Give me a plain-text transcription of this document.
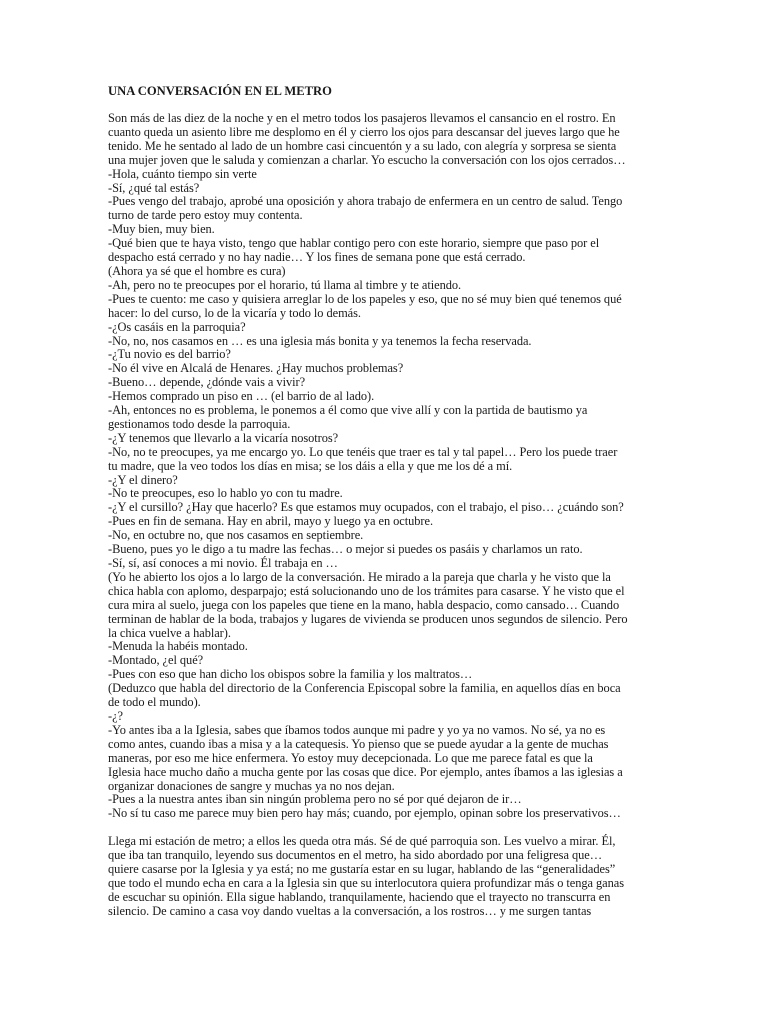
UNA CONVERSACIÓN EN EL METRO
Son más de las diez de la noche y en el metro todos los pasajeros llevamos el cansancio en el rostro. En
cuanto queda un asiento libre me desplomo en él y cierro los ojos para descansar del jueves largo que he
tenido. Me he sentado al lado de un hombre casi cincuentón y a su lado, con alegría y sorpresa se sienta
una mujer joven que le saluda y comienzan a charlar. Yo escucho la conversación con los ojos cerrados…
-Hola, cuánto tiempo sin verte
-Sí, ¿qué tal estás?
-Pues vengo del trabajo, aprobé una oposición y ahora trabajo de enfermera en un centro de salud. Tengo
turno de tarde pero estoy muy contenta.
-Muy bien, muy bien.
-Qué bien que te haya visto, tengo que hablar contigo pero con este horario, siempre que paso por el
despacho está cerrado y no hay nadie… Y los fines de semana pone que está cerrado.
(Ahora ya sé que el hombre es cura)
-Ah, pero no te preocupes por el horario, tú llama al timbre y te atiendo.
-Pues te cuento: me caso y quisiera arreglar lo de los papeles y eso, que no sé muy bien qué tenemos qué
hacer: lo del curso, lo de la vicaría y todo lo demás.
-¿Os casáis en la parroquia?
-No, no, nos casamos en … es una iglesia más bonita y ya tenemos la fecha reservada.
-¿Tu novio es del barrio?
-No él vive en Alcalá de Henares. ¿Hay muchos problemas?
-Bueno… depende, ¿dónde vais a vivir?
-Hemos comprado un piso en … (el barrio de al lado).
-Ah, entonces no es problema, le ponemos a él como que vive allí y con la partida de bautismo ya
gestionamos todo desde la parroquia.
-¿Y tenemos que llevarlo a la vicaría nosotros?
-No, no te preocupes, ya me encargo yo. Lo que tenéis que traer es tal y tal papel… Pero los puede traer
tu madre, que la veo todos los días en misa; se los dáis a ella y que me los dé a mí.
-¿Y el dinero?
-No te preocupes, eso lo hablo yo con tu madre.
-¿Y el cursillo? ¿Hay que hacerlo? Es que estamos muy ocupados, con el trabajo, el piso… ¿cuándo son?
-Pues en fin de semana. Hay en abril, mayo y luego ya en octubre.
-No, en octubre no, que nos casamos en septiembre.
-Bueno, pues yo le digo a tu madre las fechas… o mejor si puedes os pasáis y charlamos un rato.
-Sí, sí, así conoces a mi novio. Él trabaja en …
(Yo he abierto los ojos a lo largo de la conversación. He mirado a la pareja que charla y he visto que la
chica habla con aplomo, desparpajo; está solucionando uno de los trámites para casarse. Y he visto que el
cura mira al suelo, juega con los papeles que tiene en la mano, habla despacio, como cansado… Cuando
terminan de hablar de la boda, trabajos y lugares de vivienda se producen unos segundos de silencio. Pero
la chica vuelve a hablar).
-Menuda la habéis montado.
-Montado, ¿el qué?
-Pues con eso que han dicho los obispos sobre la familia y los maltratos…
(Deduzco que habla del directorio de la Conferencia Episcopal sobre la familia, en aquellos días en boca
de todo el mundo).
-¿?
-Yo antes iba a la Iglesia, sabes que íbamos todos aunque mi padre y yo ya no vamos. No sé, ya no es
como antes, cuando ibas a misa y a la catequesis. Yo pienso que se puede ayudar a la gente de muchas
maneras, por eso me hice enfermera. Yo estoy muy decepcionada. Lo que me parece fatal es que la
Iglesia hace mucho daño a mucha gente por las cosas que dice. Por ejemplo, antes íbamos a las iglesias a
organizar donaciones de sangre y muchas ya no nos dejan.
-Pues a la nuestra antes iban sin ningún problema pero no sé por qué dejaron de ir…
-No sí tu caso me parece muy bien pero hay más; cuando, por ejemplo, opinan sobre los preservativos…
Llega mi estación de metro; a ellos les queda otra más. Sé de qué parroquia son. Les vuelvo a mirar. Él,
que iba tan tranquilo, leyendo sus documentos en el metro, ha sido abordado por una feligresa que…
quiere casarse por la Iglesia y ya está; no me gustaría estar en su lugar, hablando de las “generalidades”
que todo el mundo echa en cara a la Iglesia sin que su interlocutora quiera profundizar más o tenga ganas
de escuchar su opinión. Ella sigue hablando, tranquilamente, haciendo que el trayecto no transcurra en
silencio. De camino a casa voy dando vueltas a la conversación, a los rostros… y me surgen tantas
